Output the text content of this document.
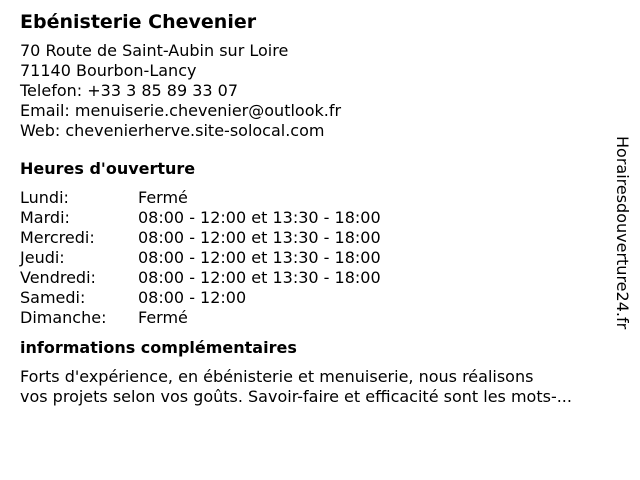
Ebénisterie Chevenier
70 Route de Saint-Aubin sur Loire
71140 Bourbon-Lancy
Telefon: +33 3 85 89 33 07
Email: menuiserie.chevenier@outlook.fr
Web: chevenierherve.site-solocal.com
Heures d'ouverture
Lundi:	Fermé
Mardi:	08:00 - 12:00 et 13:30 - 18:00
Mercredi:	08:00 - 12:00 et 13:30 - 18:00
Jeudi:	08:00 - 12:00 et 13:30 - 18:00
Vendredi:	08:00 - 12:00 et 13:30 - 18:00
Samedi:	08:00 - 12:00
Dimanche:	Fermé
informations complémentaires
Forts d'expérience, en ébénisterie et menuiserie, nous réalisons
vos projets selon vos goûts. Savoir-faire et efficacité sont les mots-...
Horairesdouverture24.fr
